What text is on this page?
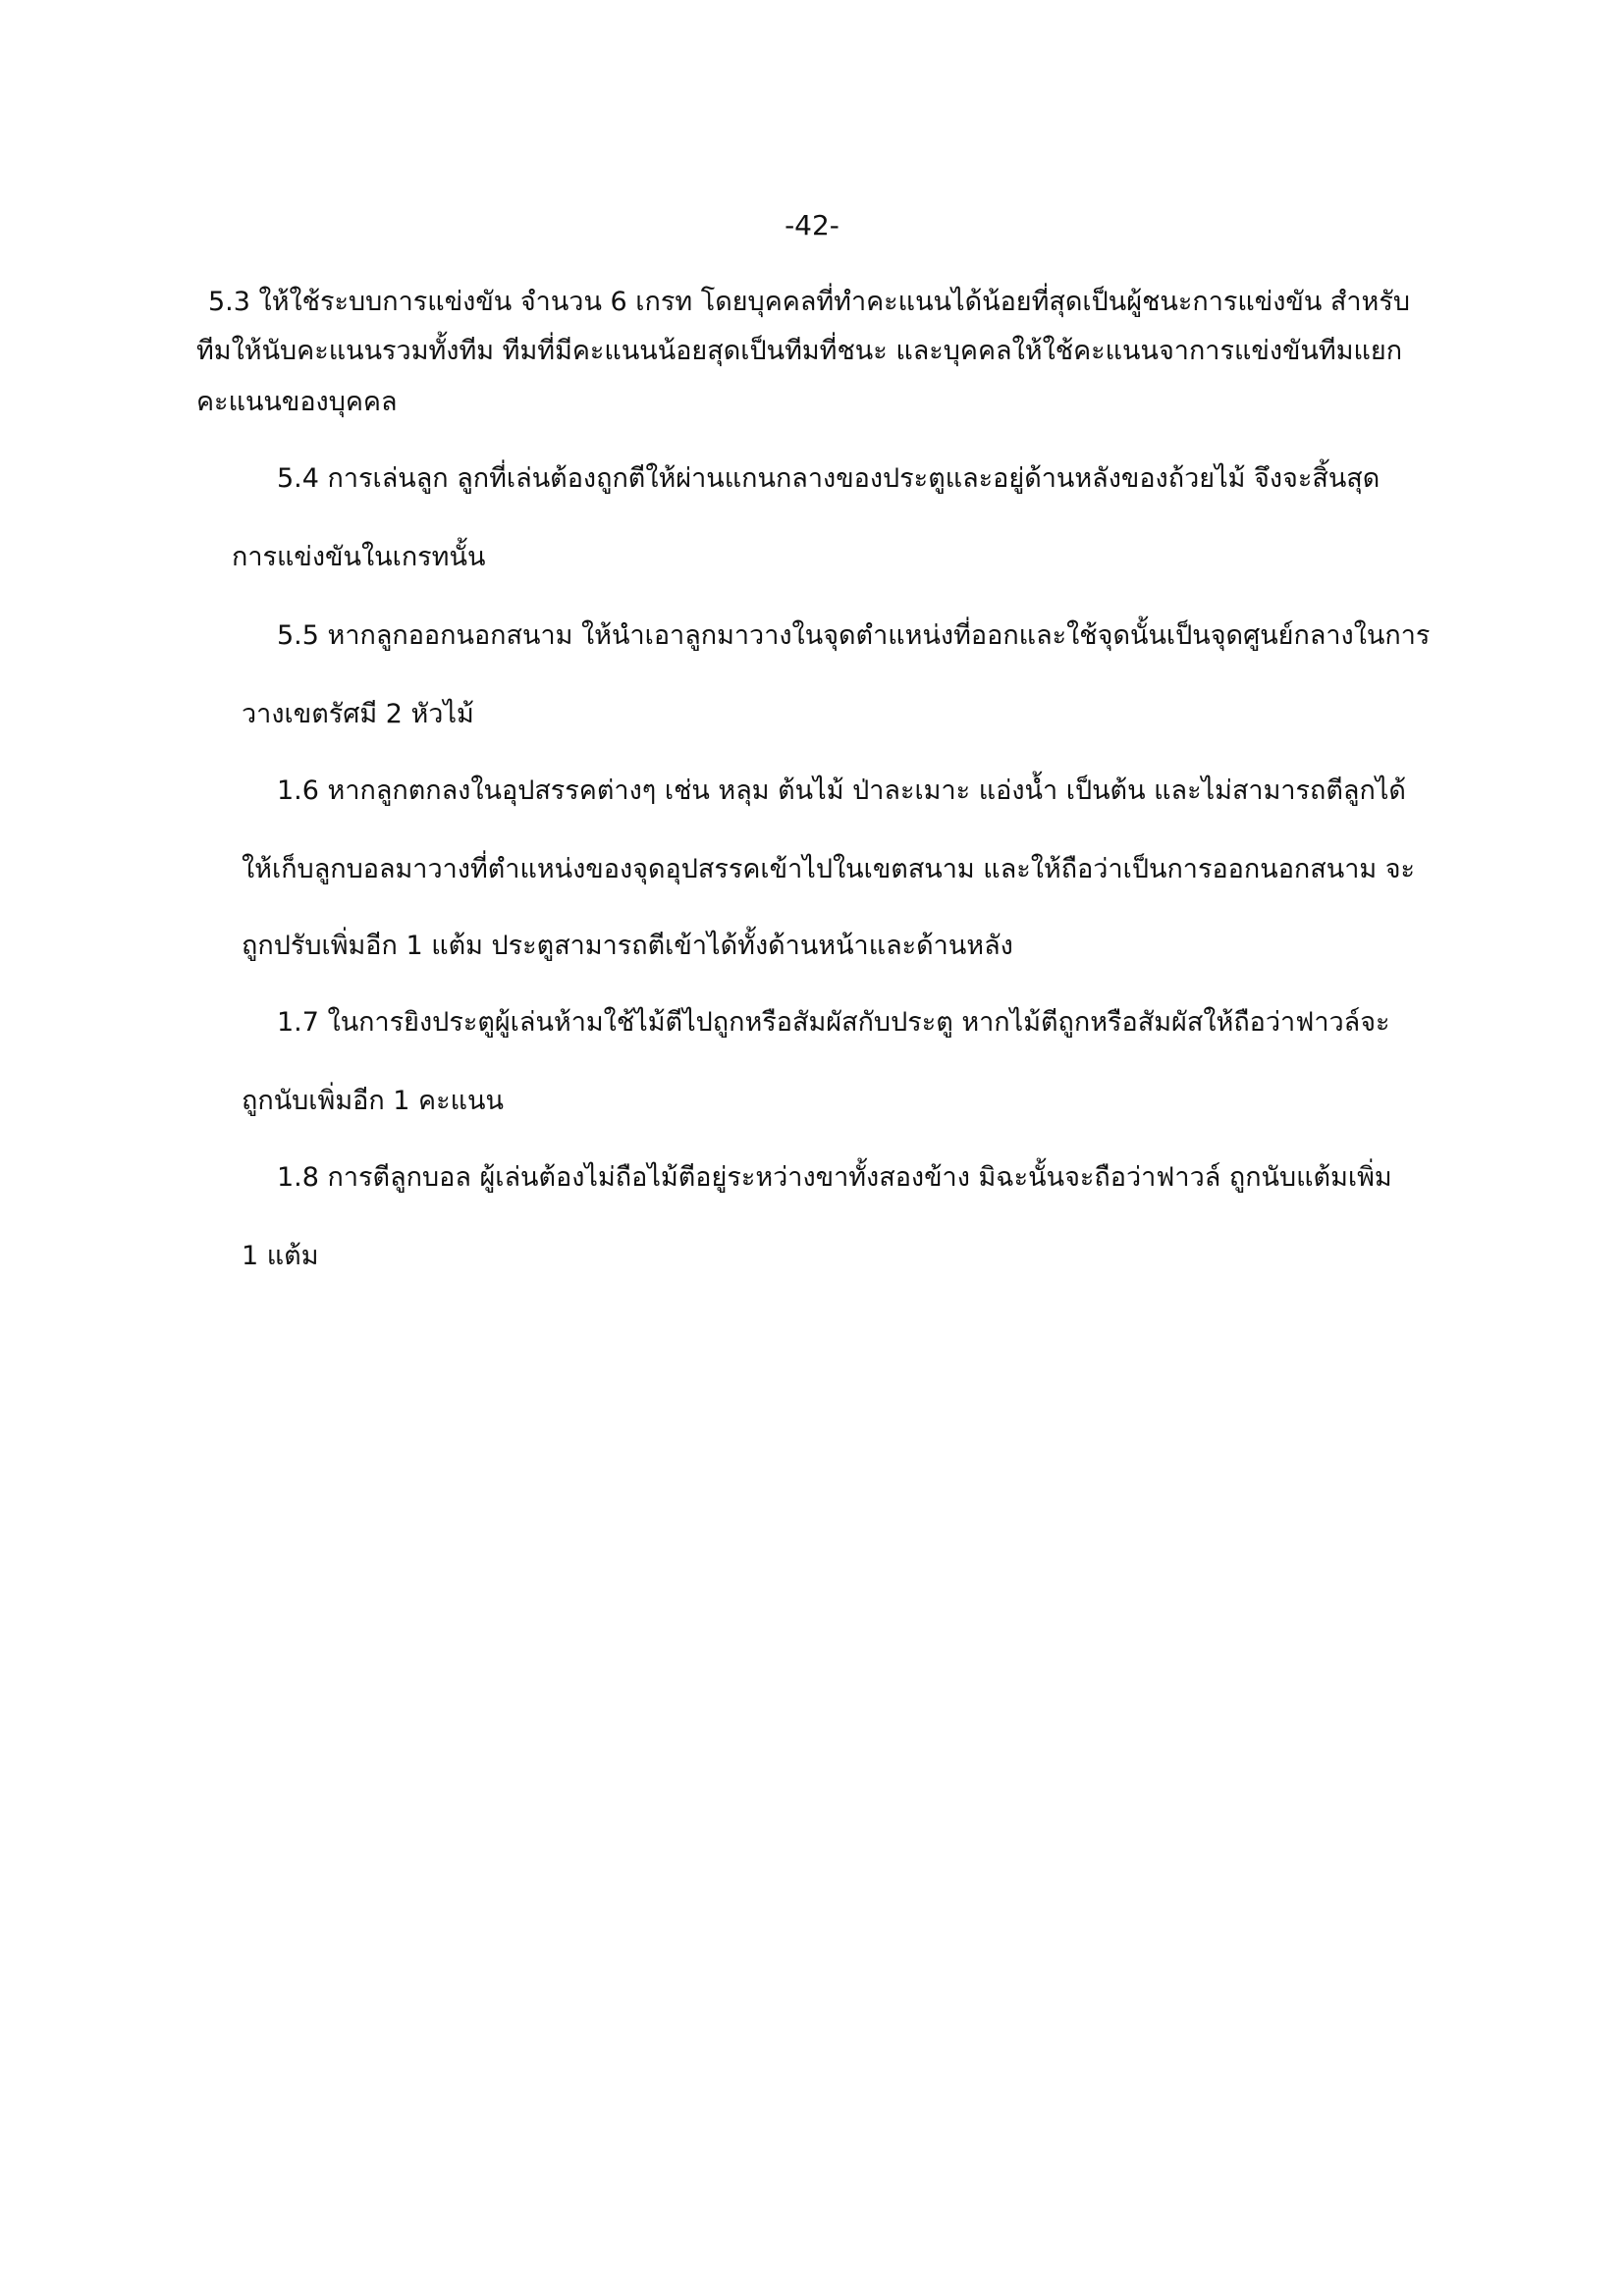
-42-
5.3 ให้ใช้ระบบการแข่งขัน จำนวน 6 เกรท โดยบุคคลที่ทำคะแนนได้น้อยที่สุดเป็นผู้ชนะการแข่งขัน สำหรับ
ทีมให้นับคะแนนรวมทั้งทีม ทีมที่มีคะแนนน้อยสุดเป็นทีมที่ชนะ และบุคคลให้ใช้คะแนนจาการแข่งขันทีมแยก
คะแนนของบุคคล
5.4 การเล่นลูก ลูกที่เล่นต้องถูกตีให้ผ่านแกนกลางของประตูและอยู่ด้านหลังของถ้วยไม้ จึงจะสิ้นสุด
การแข่งขันในเกรทนั้น
5.5 หากลูกออกนอกสนาม ให้นำเอาลูกมาวางในจุดตำแหน่งที่ออกและใช้จุดนั้นเป็นจุดศูนย์กลางในการ
วางเขตรัศมี 2 หัวไม้
1.6 หากลูกตกลงในอุปสรรคต่างๆ เช่น หลุม ต้นไม้ ป่าละเมาะ แอ่งน้ำ เป็นต้น และไม่สามารถตีลูกได้
ให้เก็บลูกบอลมาวางที่ตำแหน่งของจุดอุปสรรคเข้าไปในเขตสนาม และให้ถือว่าเป็นการออกนอกสนาม จะ
ถูกปรับเพิ่มอีก 1 แต้ม ประตูสามารถตีเข้าได้ทั้งด้านหน้าและด้านหลัง
1.7 ในการยิงประตูผู้เล่นห้ามใช้ไม้ตีไปถูกหรือสัมผัสกับประตู หากไม้ตีถูกหรือสัมผัสให้ถือว่าฟาวล์จะ
ถูกนับเพิ่มอีก 1 คะแนน
1.8 การตีลูกบอล ผู้เล่นต้องไม่ถือไม้ตีอยู่ระหว่างขาทั้งสองข้าง มิฉะนั้นจะถือว่าฟาวล์ ถูกนับแต้มเพิ่ม
1 แต้ม
